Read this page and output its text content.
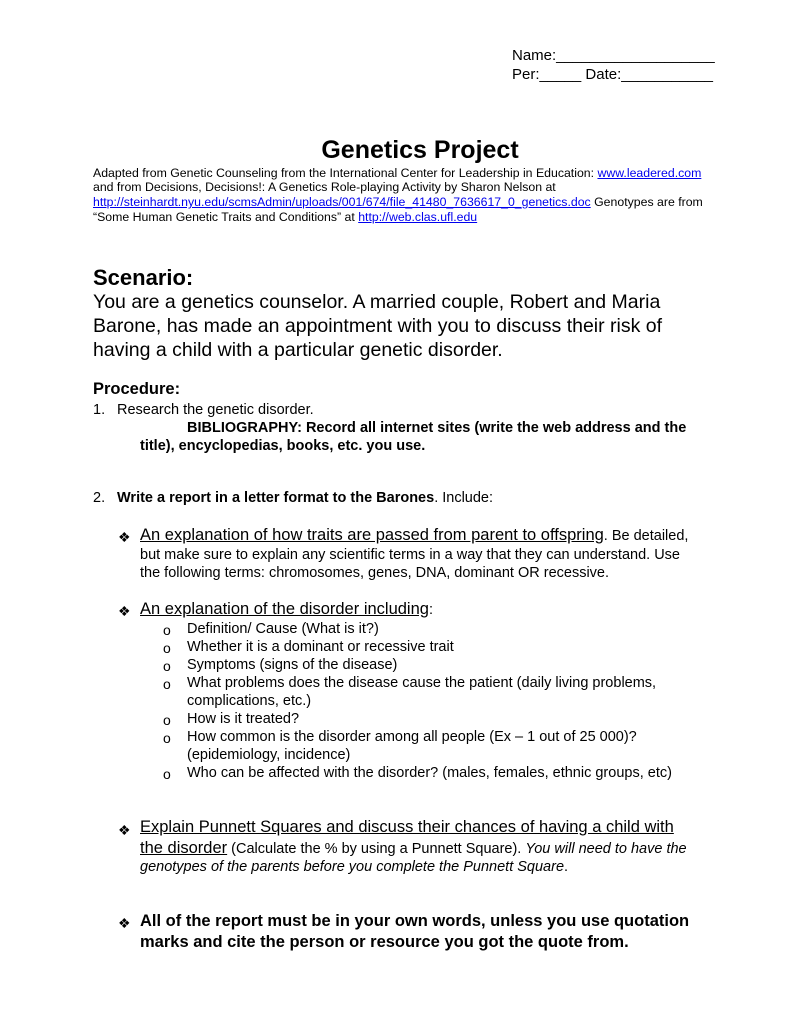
Name:___________________
Per:_____ Date:___________
Genetics Project
Adapted from Genetic Counseling from the International Center for Leadership in Education: www.leadered.com
and from Decisions, Decisions!: A Genetics Role-playing Activity by Sharon Nelson at
http://steinhardt.nyu.edu/scmsAdmin/uploads/001/674/file_41480_7636617_0_genetics.doc Genotypes are from
“Some Human Genetic Traits and Conditions” at http://web.clas.ufl.edu
Scenario:
You are a genetics counselor. A married couple, Robert and Maria
Barone, has made an appointment with you to discuss their risk of
having a child with a particular genetic disorder.
Procedure:
1. Research the genetic disorder.
BIBLIOGRAPHY: Record all internet sites (write the web address and the
title), encyclopedias, books, etc. you use.
2. Write a report in a letter format to the Barones. Include:
❖ An explanation of how traits are passed from parent to offspring. Be detailed,
but make sure to explain any scientific terms in a way that they can understand. Use
the following terms: chromosomes, genes, DNA, dominant OR recessive.
❖ An explanation of the disorder including:
o Definition/ Cause (What is it?)
o Whether it is a dominant or recessive trait
o Symptoms (signs of the disease)
o What problems does the disease cause the patient (daily living problems,
complications, etc.)
o How is it treated?
o How common is the disorder among all people (Ex – 1 out of 25 000)?
(epidemiology, incidence)
o Who can be affected with the disorder? (males, females, ethnic groups, etc)
❖ Explain Punnett Squares and discuss their chances of having a child with
the disorder (Calculate the % by using a Punnett Square). You will need to have the
genotypes of the parents before you complete the Punnett Square.
❖ All of the report must be in your own words, unless you use quotation
marks and cite the person or resource you got the quote from.
